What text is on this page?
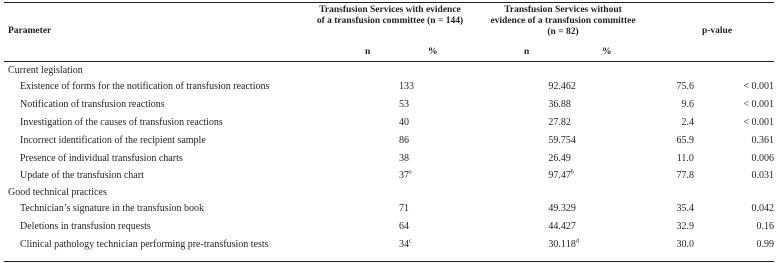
Parameter
Transfusion Services with evidence of a transfusion committee (n = 144)
Transfusion Services without evidence of a transfusion committee (n = 82)	p-value
n	%	n	%
Current legislation					
Existence of forms for the notification of transfusion reactions	133	92.4	62	75.6	< 0.001
Notification of transfusion reactions	53	36.8	8	9.6	< 0.001
Investigation of the causes of transfusion reactions	40	27.8	2	2.4	< 0.001
Incorrect identification of the recipient sample	86	59.7	54	65.9	0.361
Presence of individual transfusion charts	38	26.4	9	11.0	0.006
Update of the transfusion chart	37$^a$	97.4	7$^b$	77.8	0.031
Good technical practices					
Technician’s signature in the transfusion book	71	49.3	29	35.4	0.042
Deletions in transfusion requests	64	44.4	27	32.9	0.16
Clinical pathology technician performing pre-transfusion tests	34$^c$	30.1	18$^d$	30.0	0.99
